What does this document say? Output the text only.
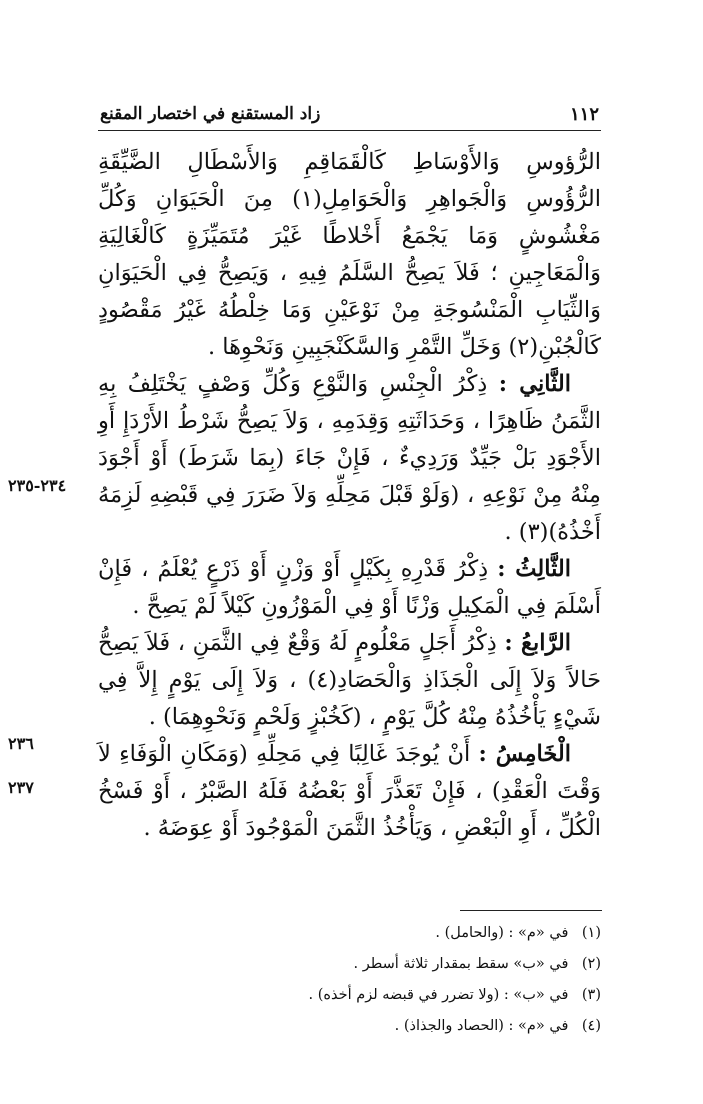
١١٢
زاد المستقنع في اختصار المقنع

الرُّؤوسِ وَالأَوْسَاطِ كَالْقَمَاقِمِ وَالأَسْطَالِ الضَّيِّقَةِ الرُّؤُوسِ وَالْجَواهِرِ وَالْحَوَامِلِ(١) مِنَ الْحَيَوَانِ وَكُلِّ مَغْشُوشٍ وَمَا يَجْمَعُ أَخْلاطًا غَيْرَ مُتَمَيِّزَةٍ كَالْغَالِيَةِ وَالْمَعَاجِينِ ؛ فَلاَ يَصِحُّ السَّلَمُ فِيهِ ، وَيَصِحُّ فِي الْحَيَوَانِ وَالثِّيَابِ الْمَنْسُوجَةِ مِنْ نَوْعَيْنِ وَمَا خِلْطُهُ غَيْرُ مَقْصُودٍ كَالْجُبْنِ(٢) وَخَلِّ التَّمْرِ وَالسَّكَنْجَبِينِ وَنَحْوِهَا .

الثَّانِي : ذِكْرُ الْجِنْسِ وَالنَّوْعِ وَكُلِّ وَصْفٍ يَخْتَلِفُ بِهِ الثَّمَنُ ظَاهِرًا ، وَحَدَاثَتِهِ وَقِدَمِهِ ، وَلاَ يَصِحُّ شَرْطُ الأَرْدَإِ أَوِ الأَجْوَدِ بَلْ جَيِّدٌ وَرَدِيءٌ ، فَإِنْ جَاءَ (بِمَا شَرَطَ) أَوْ أَجْوَدَ مِنْهُ مِنْ نَوْعِهِ ، (وَلَوْ قَبْلَ مَحِلِّهِ وَلاَ ضَرَرَ فِي قَبْضِهِ لَزِمَهُ أَخْذُهُ)(٣) .

الثَّالِثُ : ذِكْرُ قَدْرِهِ بِكَيْلٍ أَوْ وَزْنٍ أَوْ ذَرْعٍ يُعْلَمُ ، فَإِنْ أَسْلَمَ فِي الْمَكِيلِ وَزْنًا أَوْ فِي الْمَوْزُونِ كَيْلاً لَمْ يَصِحَّ .

الرَّابعُ : ذِكْرُ أَجَلٍ مَعْلُومٍ لَهُ وَقْعٌ فِي الثَّمَنِ ، فَلاَ يَصِحُّ حَالاً وَلاَ إِلَى الْجَذَاذِ وَالْحَصَادِ(٤) ، وَلاَ إِلَى يَوْمٍ إِلاَّ فِي شَيْءٍ يَأْخُذُهُ مِنْهُ كُلَّ يَوْمٍ ، (كَخُبْزٍ وَلَحْمٍ وَنَحْوِهِمَا) .

الْخَامِسُ : أَنْ يُوجَدَ غَالِبًا فِي مَحِلِّهِ (وَمَكَانِ الْوَفَاءِ لاَ وَقْتَ الْعَقْدِ) ، فَإِنْ تَعَذَّرَ أَوْ بَعْضُهُ فَلَهُ الصَّبْرُ ، أَوْ فَسْخُ الْكُلِّ ، أَوِ الْبَعْضِ ، وَيَأْخُذُ الثَّمَنَ الْمَوْجُودَ أَوْ عِوَضَهُ .

٢٣٤-٢٣٥
٢٣٦
٢٣٧

(١) في «م» : (والحامل) .

(٢) في «ب» سقط بمقدار ثلاثة أسطر .

(٣) في «ب» : (ولا تضرر في قبضه لزم أخذه) .

(٤) في «م» : (الحصاد والجذاذ) .
